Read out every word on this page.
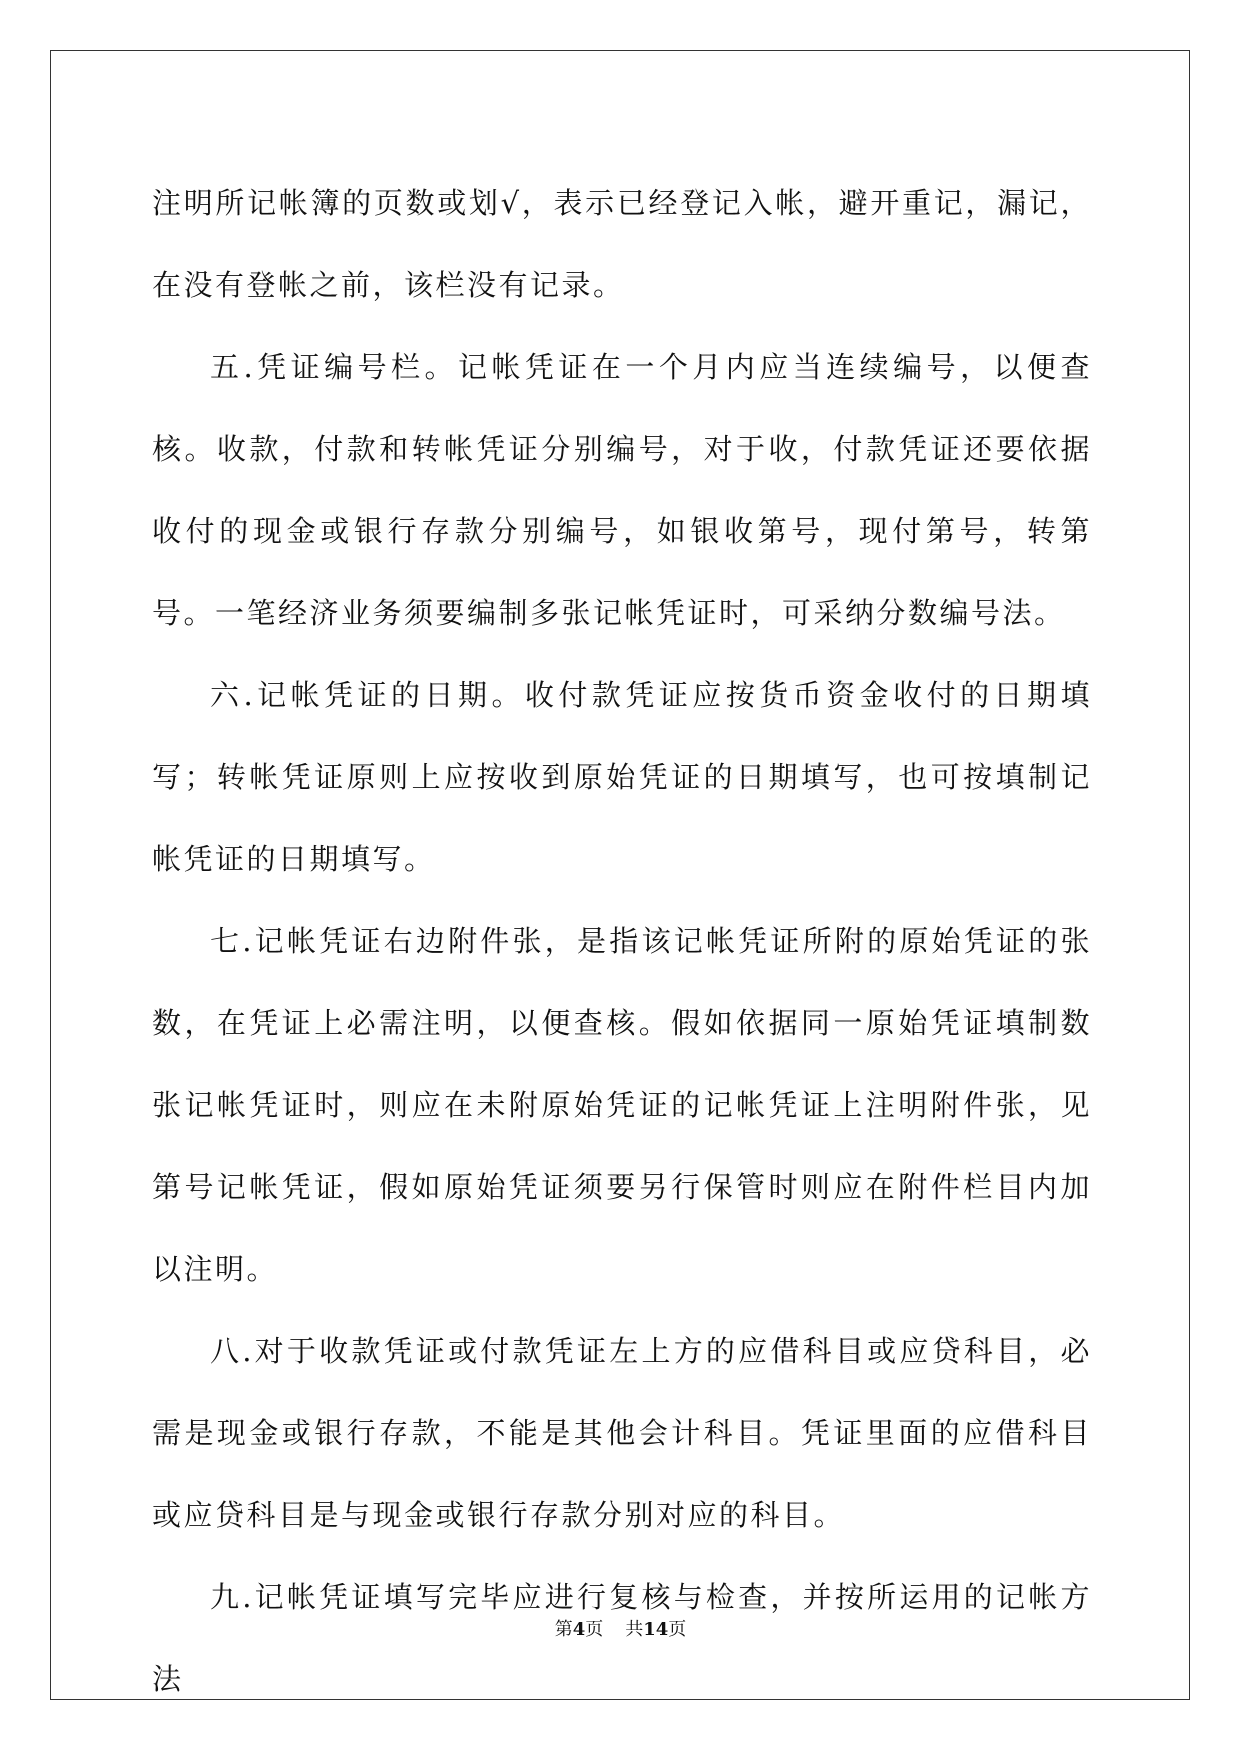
注明所记帐簿的页数或划√，表示已经登记入帐，避开重记，漏记，在没有登帐之前，该栏没有记录。

五.凭证编号栏。记帐凭证在一个月内应当连续编号，以便查核。收款，付款和转帐凭证分别编号，对于收，付款凭证还要依据收付的现金或银行存款分别编号，如银收第号，现付第号，转第号。一笔经济业务须要编制多张记帐凭证时，可采纳分数编号法。

六.记帐凭证的日期。收付款凭证应按货币资金收付的日期填写；转帐凭证原则上应按收到原始凭证的日期填写，也可按填制记帐凭证的日期填写。

七.记帐凭证右边附件张，是指该记帐凭证所附的原始凭证的张数，在凭证上必需注明，以便查核。假如依据同一原始凭证填制数张记帐凭证时，则应在未附原始凭证的记帐凭证上注明附件张，见第号记帐凭证，假如原始凭证须要另行保管时则应在附件栏目内加以注明。

八.对于收款凭证或付款凭证左上方的应借科目或应贷科目，必需是现金或银行存款，不能是其他会计科目。凭证里面的应借科目或应贷科目是与现金或银行存款分别对应的科目。

九.记帐凭证填写完毕应进行复核与检查，并按所运用的记帐方法

第4页 共14页
